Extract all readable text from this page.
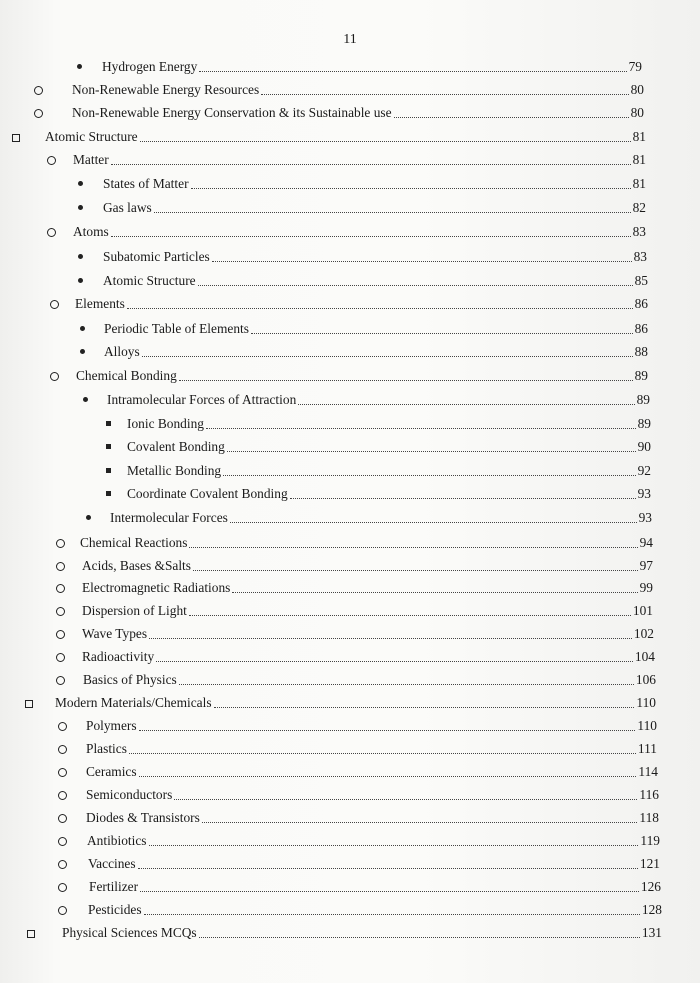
11
Hydrogen Energy	79
Non-Renewable Energy Resources	80
Non-Renewable Energy Conservation & its Sustainable use	80
Atomic Structure	81
Matter	81
States of Matter	81
Gas laws	82
Atoms	83
Subatomic Particles	83
Atomic Structure	85
Elements	86
Periodic Table of Elements	86
Alloys	88
Chemical Bonding	89
Intramolecular Forces of Attraction	89
Ionic Bonding	89
Covalent Bonding	90
Metallic Bonding	92
Coordinate Covalent Bonding	93
Intermolecular Forces	93
Chemical Reactions	94
Acids, Bases &Salts	97
Electromagnetic Radiations	99
Dispersion of Light	101
Wave Types	102
Radioactivity	104
Basics of Physics	106
Modern Materials/Chemicals	110
Polymers	110
Plastics	111
Ceramics	114
Semiconductors	116
Diodes & Transistors	118
Antibiotics	119
Vaccines	121
Fertilizer	126
Pesticides	128
Physical Sciences MCQs	131
